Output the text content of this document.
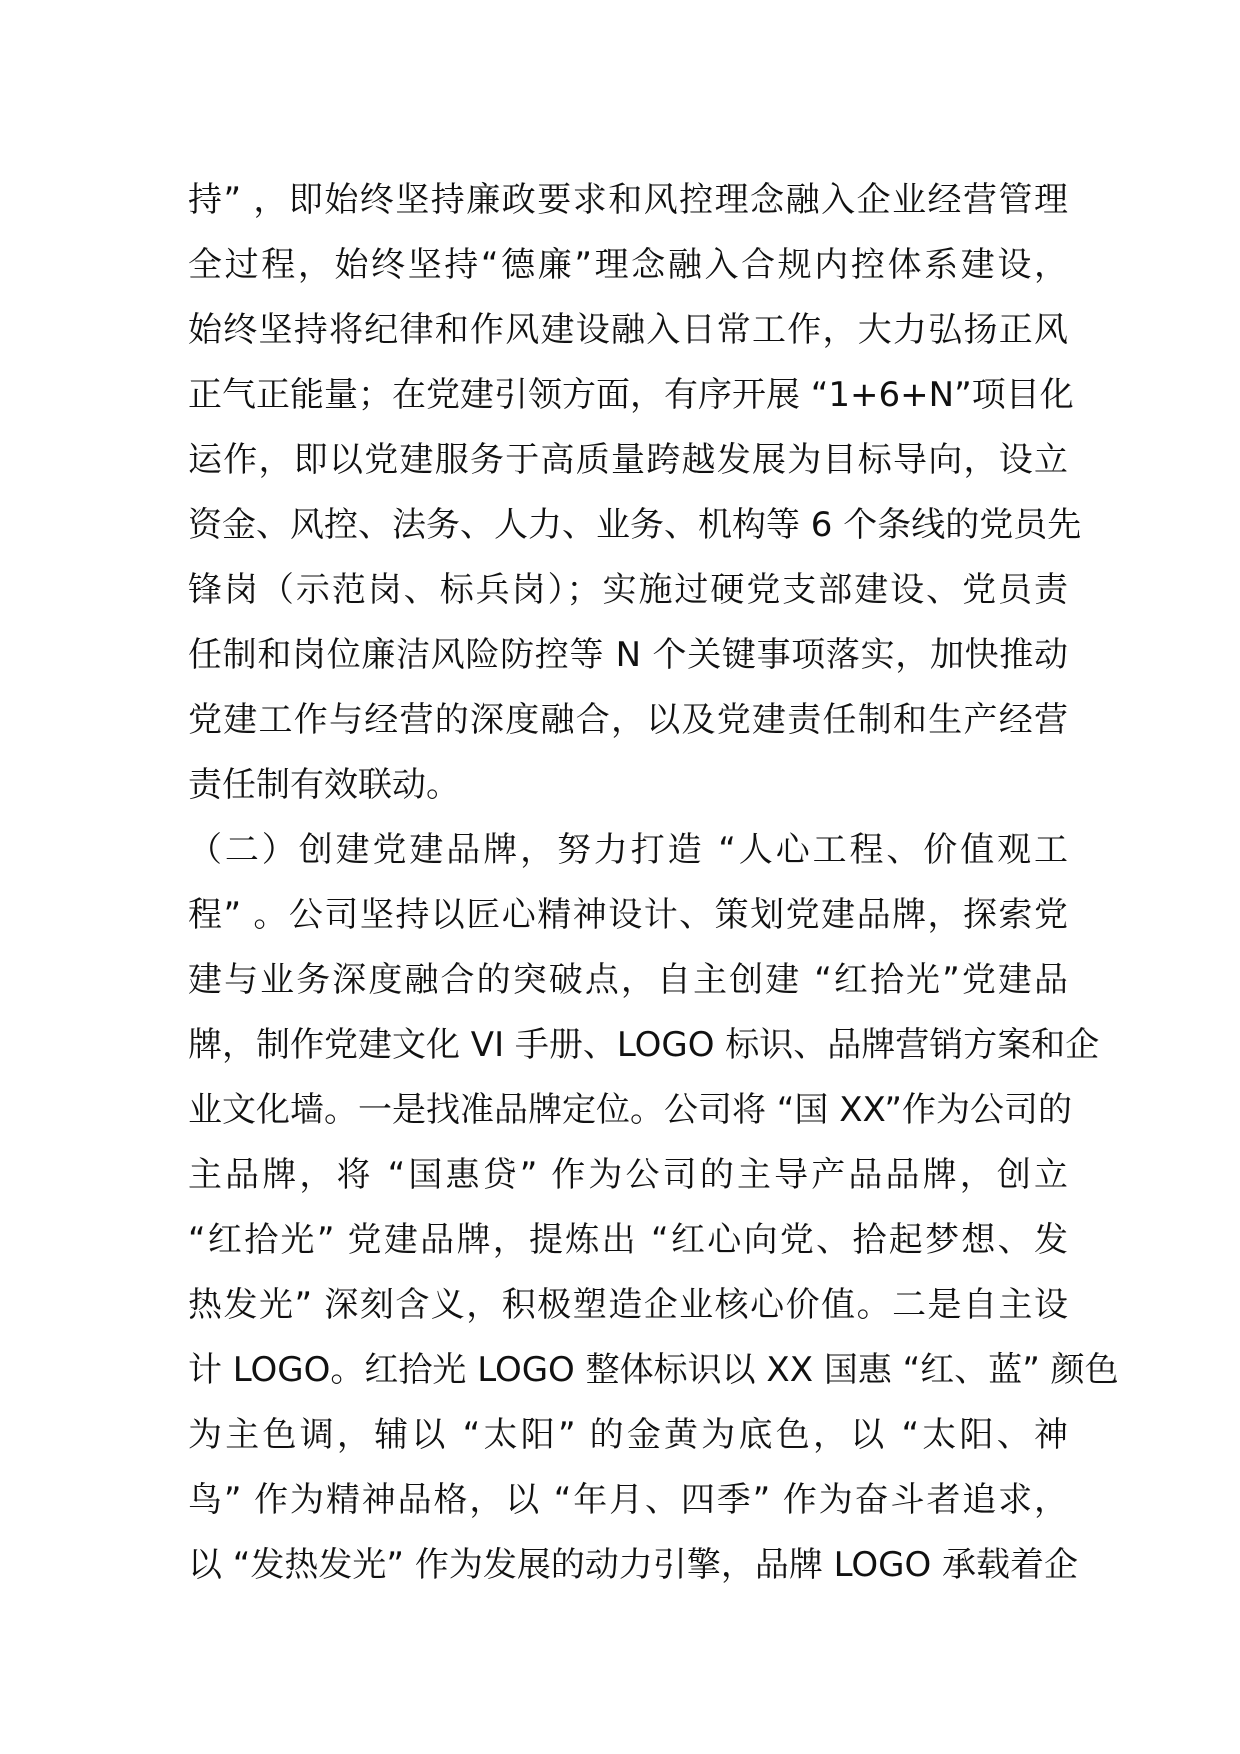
持” ，即始终坚持廉政要求和风控理念融入企业经营管理
全过程，始终坚持“德廉”理念融入合规内控体系建设，
始终坚持将纪律和作风建设融入日常工作，大力弘扬正风
正气正能量；在党建引领方面，有序开展 “1+6+N”项目化
运作，即以党建服务于高质量跨越发展为目标导向，设立
资金、风控、法务、人力、业务、机构等 6 个条线的党员先
锋岗（示范岗、标兵岗）；实施过硬党支部建设、党员责
任制和岗位廉洁风险防控等 N 个关键事项落实，加快推动
党建工作与经营的深度融合，以及党建责任制和生产经营
责任制有效联动。
（二）创建党建品牌，努力打造 “人心工程、价值观工
程” 。公司坚持以匠心精神设计、策划党建品牌，探索党
建与业务深度融合的突破点，自主创建 “红拾光”党建品
牌，制作党建文化 VI 手册、LOGO 标识、品牌营销方案和企
业文化墙。一是找准品牌定位。公司将 “国 XX”作为公司的
主品牌，将 “国惠贷” 作为公司的主导产品品牌，创立
“红拾光” 党建品牌，提炼出 “红心向党、拾起梦想、发
热发光” 深刻含义，积极塑造企业核心价值。二是自主设
计 LOGO。红拾光 LOGO 整体标识以 XX 国惠 “红、蓝” 颜色
为主色调，辅以 “太阳” 的金黄为底色，以 “太阳、神
鸟” 作为精神品格，以 “年月、四季” 作为奋斗者追求，
以 “发热发光” 作为发展的动力引擎，品牌 LOGO 承载着企
